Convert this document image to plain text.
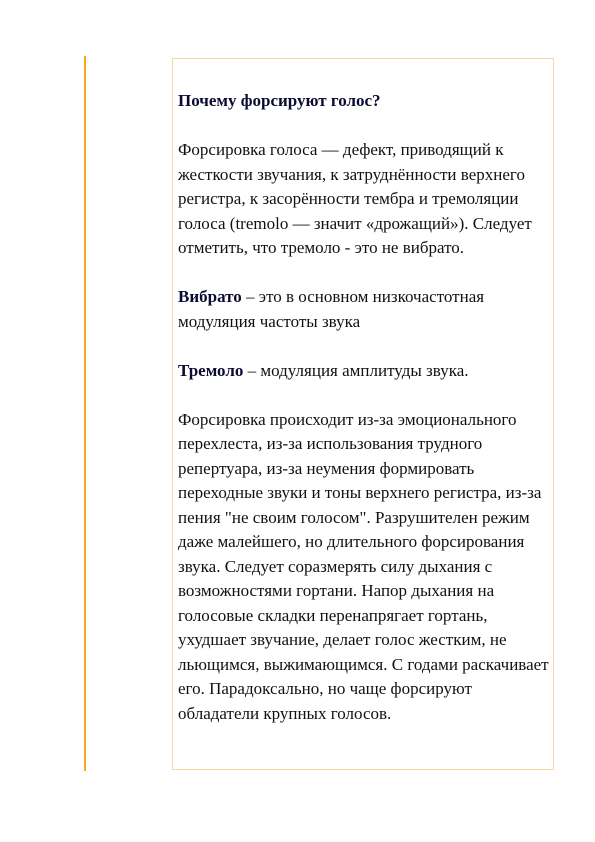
Почему форсируют голос?
Форсировка голоса — дефект, приводящий к жесткости звучания, к затруднённости верхнего регистра, к засорённости тембра и тремоляции голоса (tremolo — значит «дрожащий»). Следует отметить, что тремоло - это не вибрато.
Вибрато – это в основном низкочастотная модуляция частоты звука
Тремоло – модуляция амплитуды звука.
Форсировка происходит из-за эмоционального перехлеста, из-за использования трудного репертуара, из-за неумения формировать переходные звуки и тоны верхнего регистра, из-за пения "не своим голосом". Разрушителен режим даже малейшего, но длительного форсирования звука. Следует соразмерять силу дыхания с возможностями гортани. Напор дыхания на голосовые складки перенапрягает гортань, ухудшает звучание, делает голос жестким, не льющимся, выжимающимся. С годами раскачивает его. Парадоксально, но чаще форсируют обладатели крупных голосов.
